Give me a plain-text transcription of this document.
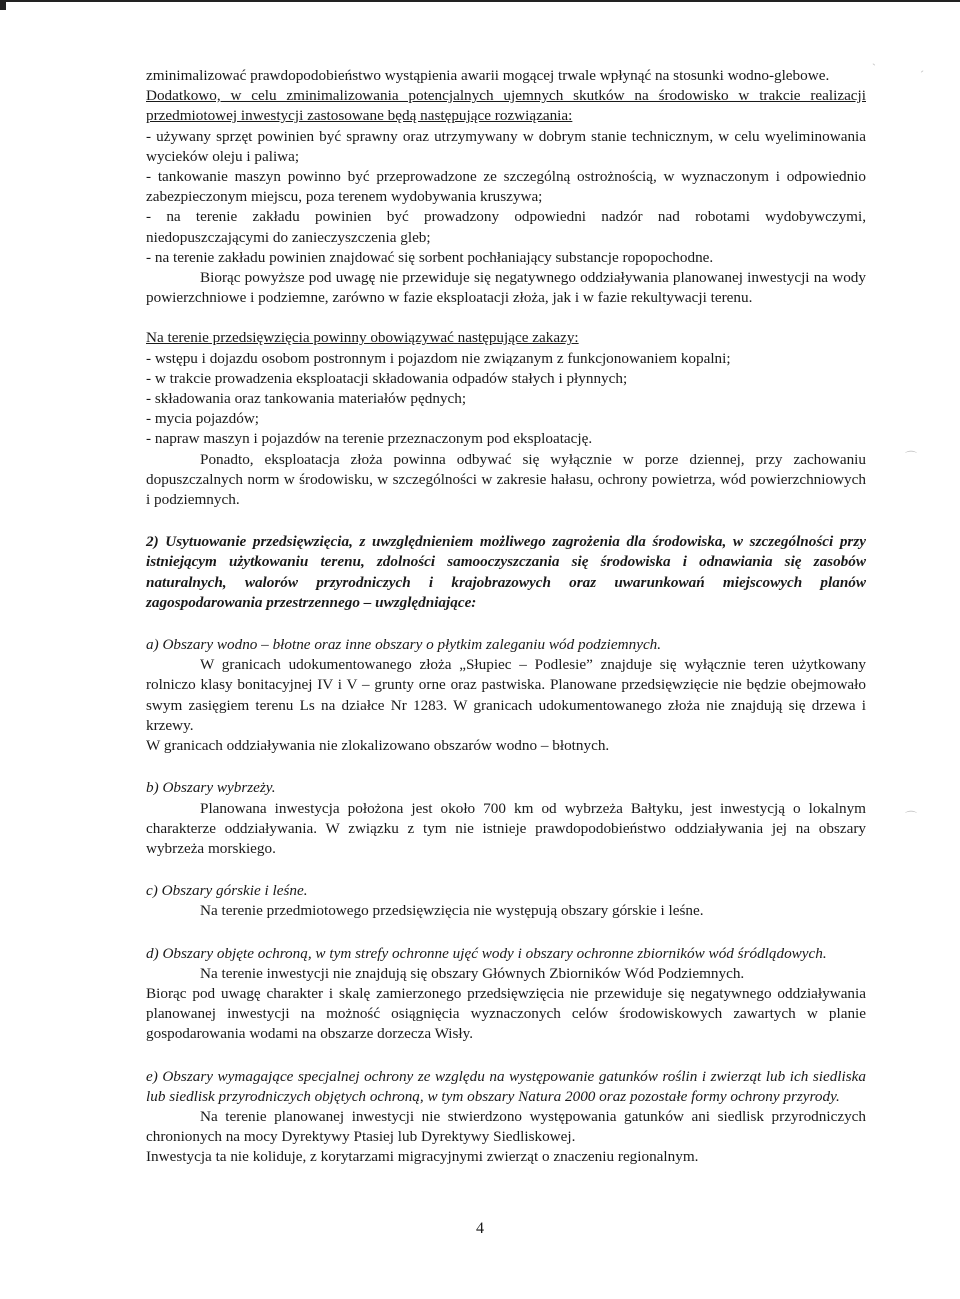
zminimalizować prawdopodobieństwo wystąpienia awarii mogącej trwale wpłynąć na stosunki wodno-glebowe.

Dodatkowo, w celu zminimalizowania potencjalnych ujemnych skutków na środowisko w trakcie realizacji przedmiotowej inwestycji zastosowane będą następujące rozwiązania:

- używany sprzęt powinien być sprawny oraz utrzymywany w dobrym stanie technicznym, w celu wyeliminowania wycieków oleju i paliwa;

- tankowanie maszyn powinno być przeprowadzone ze szczególną ostrożnością, w wyznaczonym i odpowiednio zabezpieczonym miejscu, poza terenem wydobywania kruszywa;

- na terenie zakładu powinien być prowadzony odpowiedni nadzór nad robotami wydobywczymi, niedopuszczającymi do zanieczyszczenia gleb;

- na terenie zakładu powinien znajdować się sorbent pochłaniający substancje ropopochodne.

Biorąc powyższe pod uwagę nie przewiduje się negatywnego oddziaływania planowanej inwestycji na wody powierzchniowe i podziemne, zarówno w fazie eksploatacji złoża, jak i w fazie rekultywacji terenu.

Na terenie przedsięwzięcia powinny obowiązywać następujące zakazy:

- wstępu i dojazdu osobom postronnym i pojazdom nie związanym z funkcjonowaniem kopalni;

- w trakcie prowadzenia eksploatacji składowania odpadów stałych i płynnych;

- składowania oraz tankowania materiałów pędnych;

- mycia pojazdów;

- napraw maszyn i pojazdów na terenie przeznaczonym pod eksploatację.

Ponadto, eksploatacja złoża powinna odbywać się wyłącznie w porze dziennej, przy zachowaniu dopuszczalnych norm w środowisku, w szczególności w zakresie hałasu, ochrony powietrza, wód powierzchniowych i podziemnych.

2) Usytuowanie przedsięwzięcia, z uwzględnieniem możliwego zagrożenia dla środowiska, w szczególności przy istniejącym użytkowaniu terenu, zdolności samooczyszczania się środowiska i odnawiania się zasobów naturalnych, walorów przyrodniczych i krajobrazowych oraz uwarunkowań miejscowych planów zagospodarowania przestrzennego – uwzględniające:

a) Obszary wodno – błotne oraz inne obszary o płytkim zaleganiu wód podziemnych.

W granicach udokumentowanego złoża „Słupiec – Podlesie” znajduje się wyłącznie teren użytkowany rolniczo klasy bonitacyjnej IV i V – grunty orne oraz pastwiska. Planowane przedsięwzięcie nie będzie obejmowało swym zasięgiem terenu Ls na działce Nr 1283. W granicach udokumentowanego złoża nie znajdują się drzewa i krzewy.

W granicach oddziaływania nie zlokalizowano obszarów wodno – błotnych.

b) Obszary wybrzeży.

Planowana inwestycja położona jest około 700 km od wybrzeża Bałtyku, jest inwestycją o lokalnym charakterze oddziaływania. W związku z tym nie istnieje prawdopodobieństwo oddziaływania jej na obszary wybrzeża morskiego.

c) Obszary górskie i leśne.

Na terenie przedmiotowego przedsięwzięcia nie występują obszary górskie i leśne.

d) Obszary objęte ochroną, w tym strefy ochronne ujęć wody i obszary ochronne zbiorników wód śródlądowych.

Na terenie inwestycji nie znajdują się obszary Głównych Zbiorników Wód Podziemnych.

Biorąc pod uwagę charakter i skalę zamierzonego przedsięwzięcia nie przewiduje się negatywnego oddziaływania planowanej inwestycji na możność osiągnięcia wyznaczonych celów środowiskowych zawartych w planie gospodarowania wodami na obszarze dorzecza Wisły.

e) Obszary wymagające specjalnej ochrony ze względu na występowanie gatunków roślin i zwierząt lub ich siedliska lub siedlisk przyrodniczych objętych ochroną, w tym obszary Natura 2000 oraz pozostałe formy ochrony przyrody.

Na terenie planowanej inwestycji nie stwierdzono występowania gatunków ani siedlisk przyrodniczych chronionych na mocy Dyrektywy Ptasiej lub Dyrektywy Siedliskowej.

Inwestycja ta nie koliduje, z korytarzami migracyjnymi zwierząt o znaczeniu regionalnym.

4
ˏ
ˊ
⌒
⌒
